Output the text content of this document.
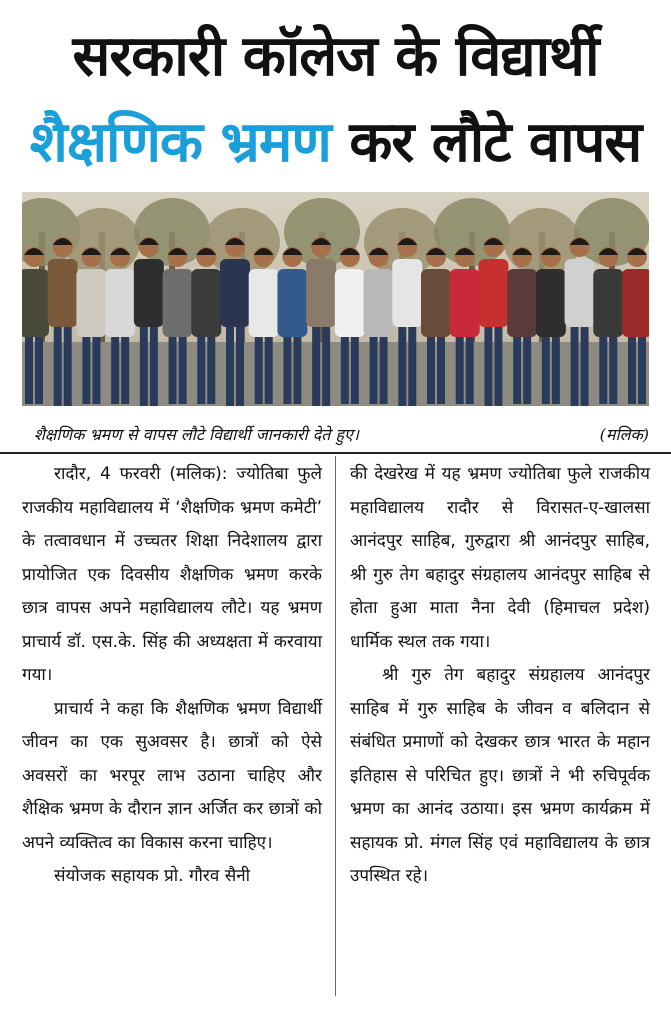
सरकारी कॉलेज के विद्यार्थी
शैक्षणिक भ्रमण कर लौटे वापस
शैक्षणिक भ्रमण से वापस लौटे विद्यार्थी जानकारी देते हुए।	(मलिक)

रादौर, 4 फरवरी (मलिक): ज्योतिबा फुले राजकीय महाविद्यालय में ‘शैक्षणिक भ्रमण कमेटी’ के तत्वावधान में उच्चतर शिक्षा निदेशालय द्वारा प्रायोजित एक दिवसीय शैक्षणिक भ्रमण करके छात्र वापस अपने महाविद्यालय लौटे। यह भ्रमण प्राचार्य डॉ. एस.के. सिंह की अध्यक्षता में करवाया गया।

प्राचार्य ने कहा कि शैक्षणिक भ्रमण विद्यार्थी जीवन का एक सुअवसर है। छात्रों को ऐसे अवसरों का भरपूर लाभ उठाना चाहिए और शैक्षिक भ्रमण के दौरान ज्ञान अर्जित कर छात्रों को अपने व्यक्तित्व का विकास करना चाहिए।

संयोजक सहायक प्रो. गौरव सैनी

की देखरेख में यह भ्रमण ज्योतिबा फुले राजकीय महाविद्यालय रादौर से विरासत-ए-खालसा आनंदपुर साहिब, गुरुद्वारा श्री आनंदपुर साहिब, श्री गुरु तेग बहादुर संग्रहालय आनंदपुर साहिब से होता हुआ माता नैना देवी (हिमाचल प्रदेश) धार्मिक स्थल तक गया।

श्री गुरु तेग बहादुर संग्रहालय आनंदपुर साहिब में गुरु साहिब के जीवन व बलिदान से संबंधित प्रमाणों को देखकर छात्र भारत के महान इतिहास से परिचित हुए। छात्रों ने भी रुचिपूर्वक भ्रमण का आनंद उठाया। इस भ्रमण कार्यक्रम में सहायक प्रो. मंगल सिंह एवं महाविद्यालय के छात्र उपस्थित रहे।
